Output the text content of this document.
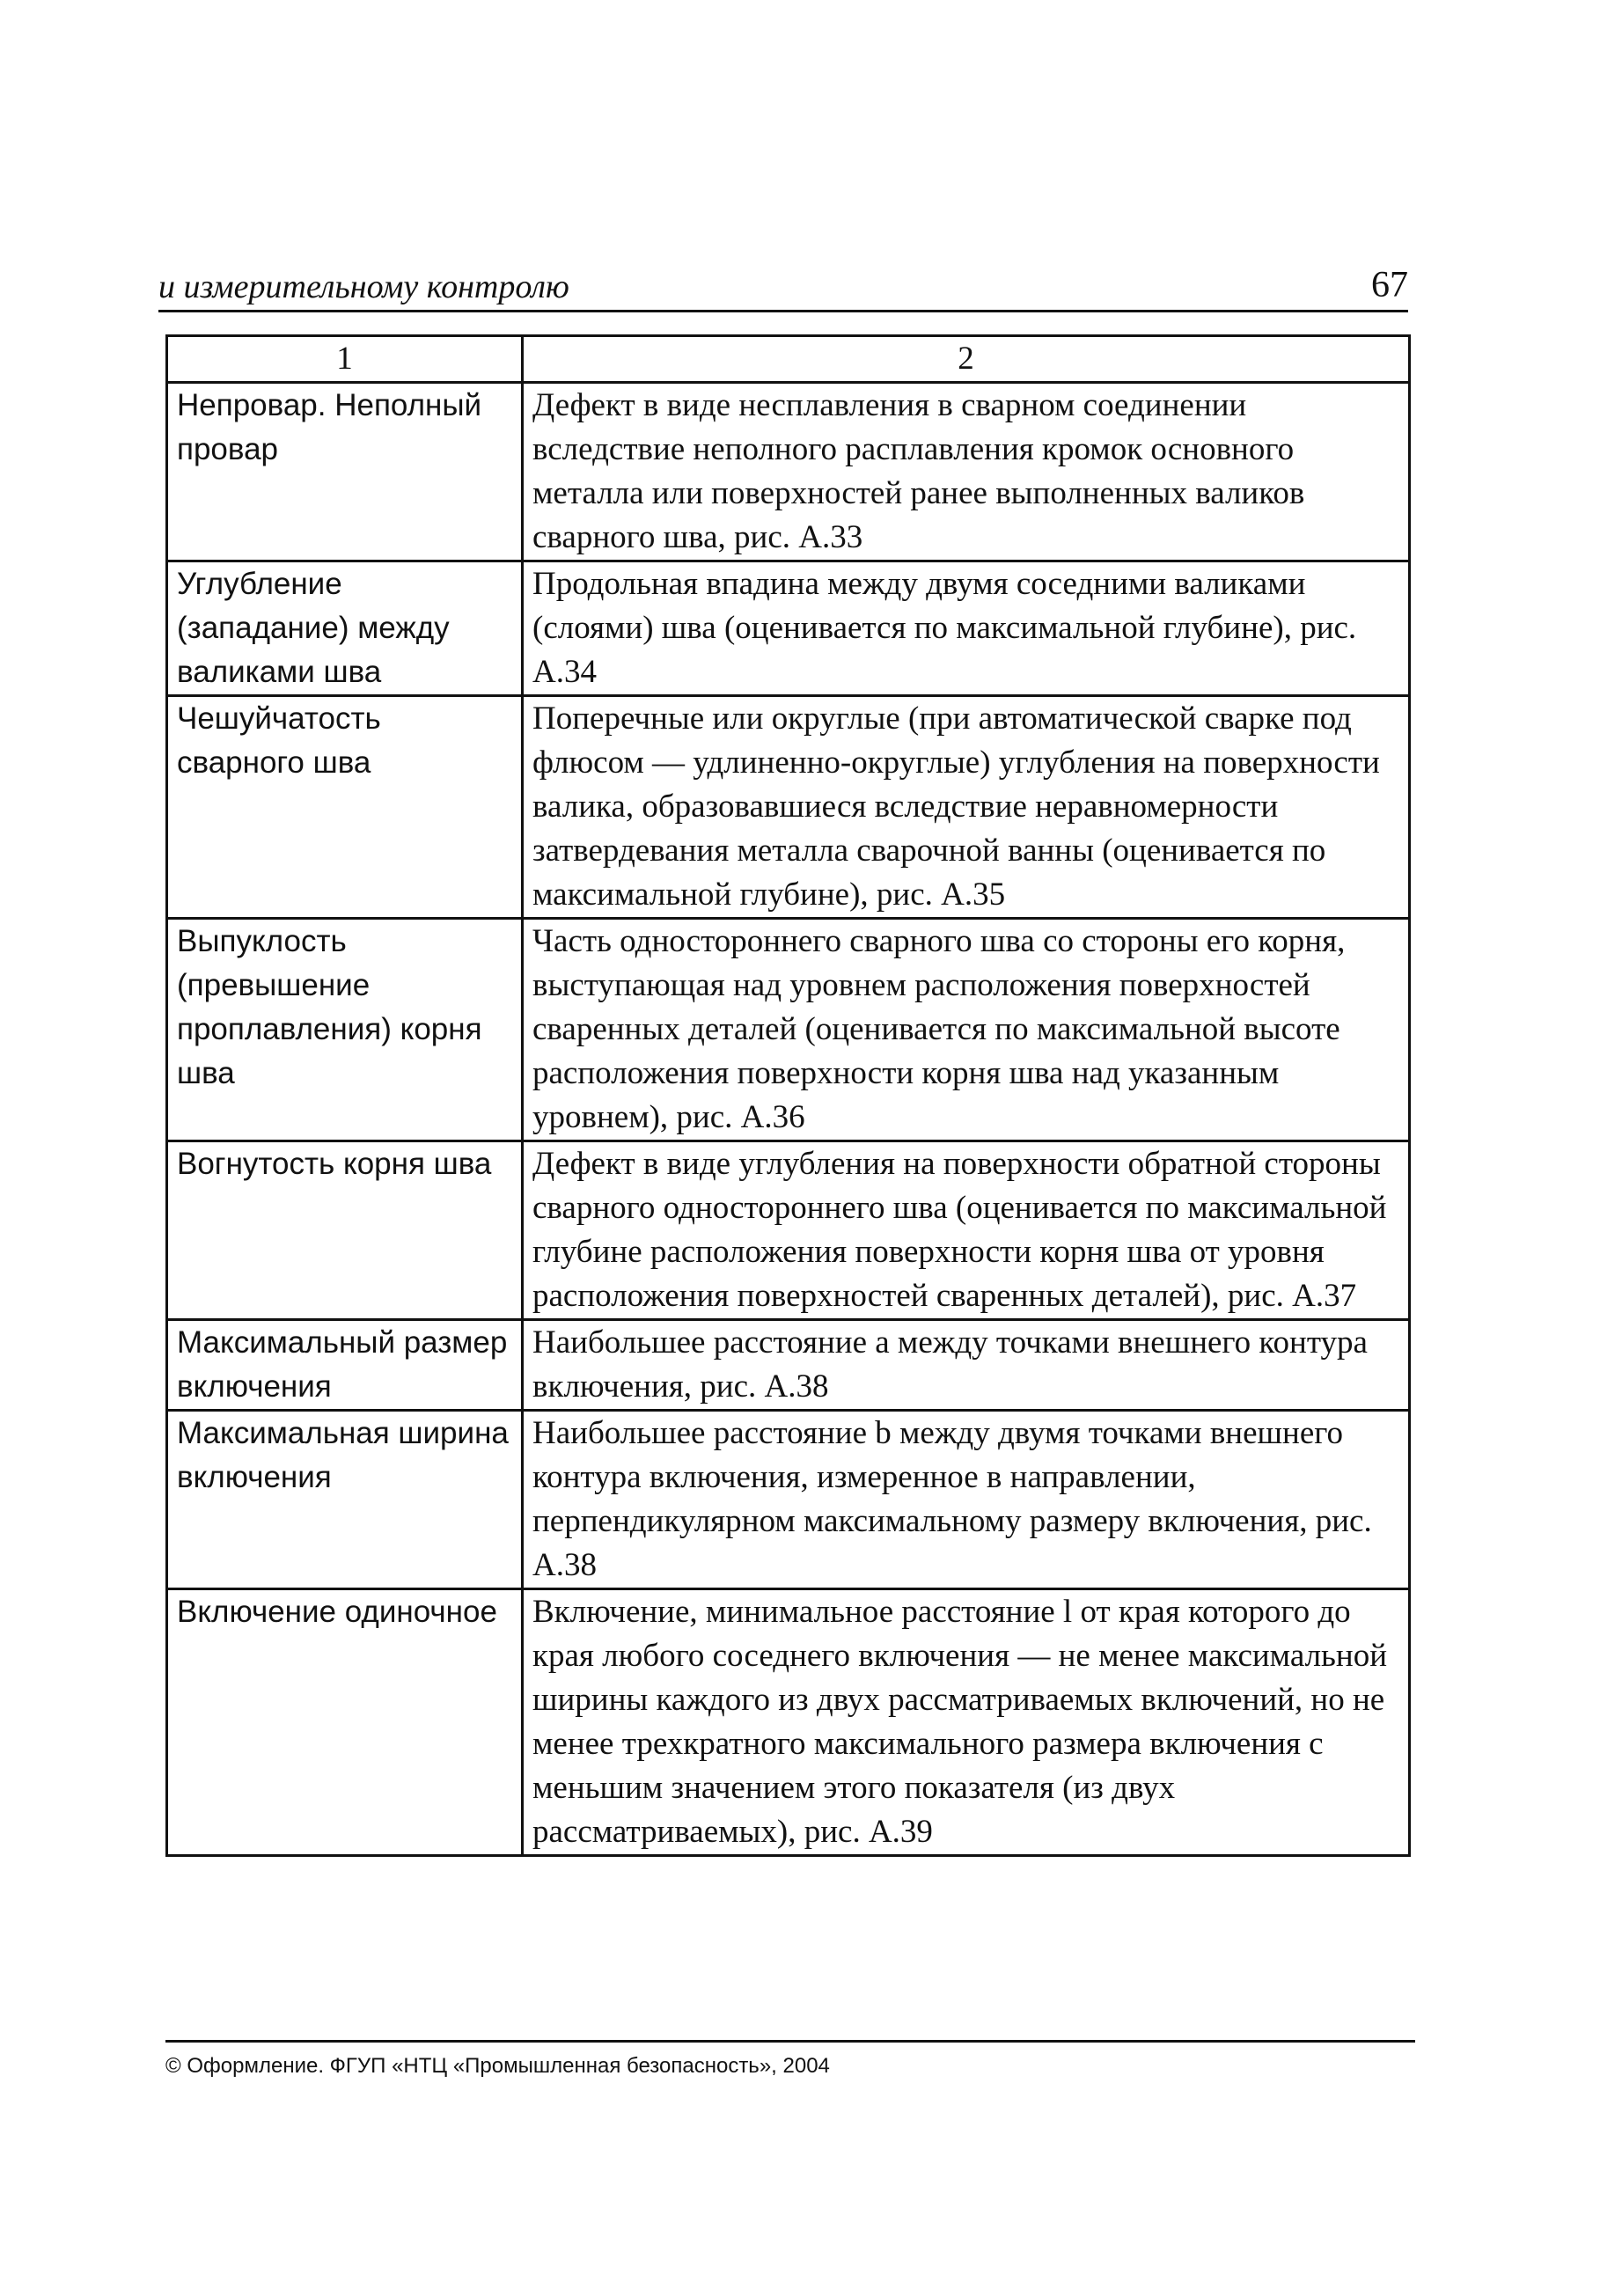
и измерительному контролю	67
1	2
Непровар. Неполный провар	Дефект в виде несплавления в сварном соединении вследствие неполного расплавления кромок основного металла или поверхностей ранее выполненных валиков сварного шва, рис. А.33
Углубление (западание) между валиками шва	Продольная впадина между двумя соседними валиками (слоями) шва (оценивается по максимальной глубине), рис. А.34
Чешуйчатость сварного шва	Поперечные или округлые (при автоматической сварке под флюсом — удлиненно-округлые) углубления на поверхности валика, образовавшиеся вследствие неравномерности затвердевания металла сварочной ванны (оценивается по максимальной глубине), рис. А.35
Выпуклость (превышение проплавления) корня шва	Часть одностороннего сварного шва со стороны его корня, выступающая над уровнем расположения поверхностей сваренных деталей (оценивается по максимальной высоте расположения поверхности корня шва над указанным уровнем), рис. А.36
Вогнутость корня шва	Дефект в виде углубления на поверхности обратной стороны сварного одностороннего шва (оценивается по максимальной глубине расположения поверхности корня шва от уровня расположения поверхностей сваренных деталей), рис. А.37
Максимальный размер включения	Наибольшее расстояние a между точками внешнего контура включения, рис. А.38
Максимальная ширина включения	Наибольшее расстояние b между двумя точками внешнего контура включения, измеренное в направлении, перпендикулярном максимальному размеру включения, рис. А.38
Включение одиночное	Включение, минимальное расстояние l от края которого до края любого соседнего включения — не менее максимальной ширины каждого из двух рассматриваемых включений, но не менее трехкратного максимального размера включения с меньшим значением этого показателя (из двух рассматриваемых), рис. А.39
© Оформление. ФГУП «НТЦ «Промышленная безопасность», 2004
